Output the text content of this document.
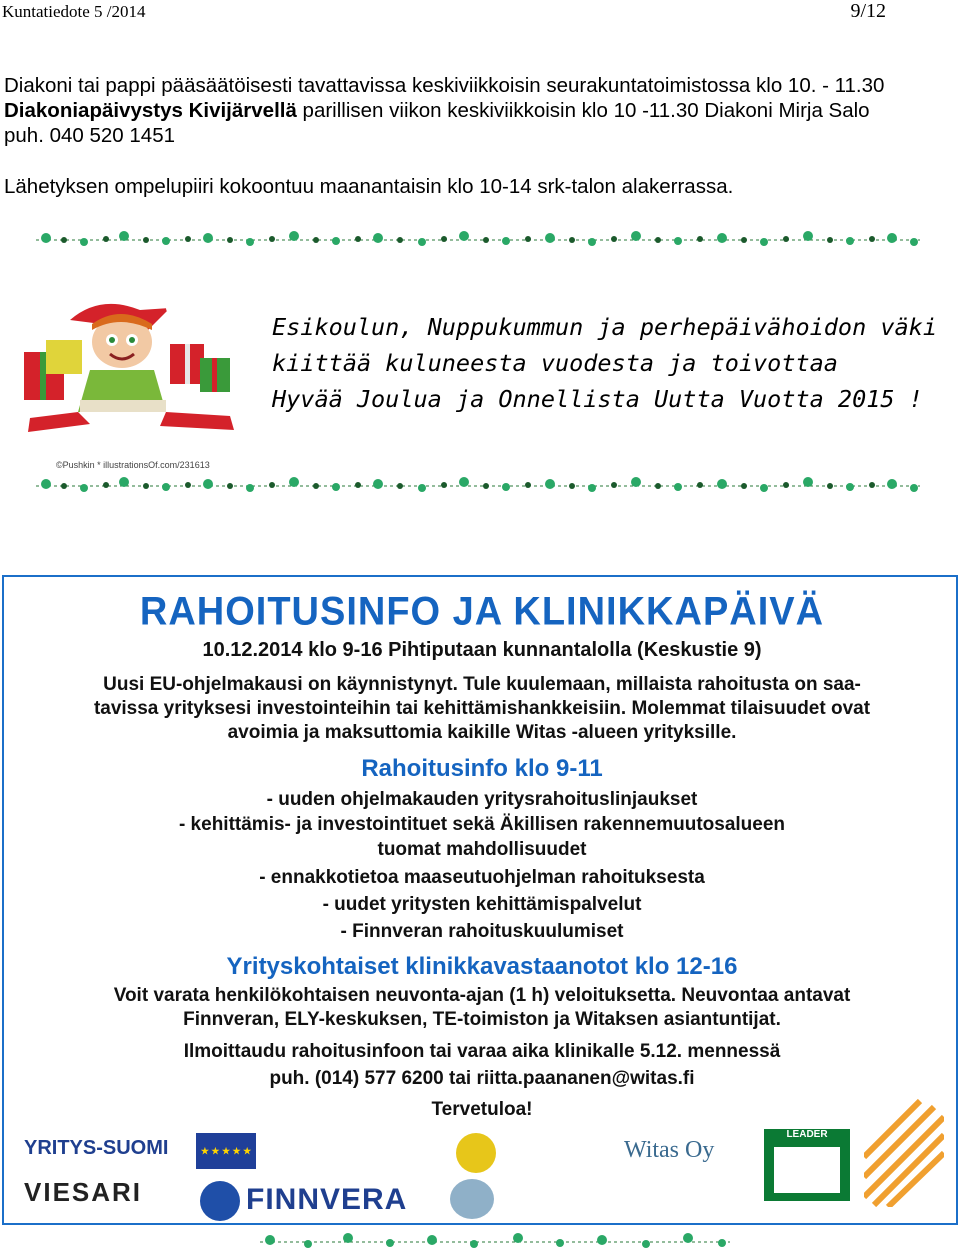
Kuntatiedote 5 /2014	9/12
Diakoni tai pappi pääsäätöisesti tavattavissa keskiviikkoisin seurakuntatoimistossa klo 10. - 11.30
Diakoniapäivystys Kivijärvellä parillisen viikon keskiviikkoisin klo 10 -11.30 Diakoni Mirja Salo
puh. 040 520 1451
Lähetyksen ompelupiiri kokoontuu maanantaisin klo 10-14 srk-talon alakerrassa.
©Pushkin * illustrationsOf.com/231613
Esikoulun, Nuppukummun ja perhepäivähoidon väki
kiittää kuluneesta vuodesta ja toivottaa
Hyvää Joulua ja Onnellista Uutta Vuotta 2015 !
RAHOITUSINFO JA KLINIKKAPÄIVÄ
10.12.2014 klo 9-16 Pihtiputaan kunnantalolla (Keskustie 9)
Uusi EU-ohjelmakausi on käynnistynyt. Tule kuulemaan, millaista rahoitusta on saa-
tavissa yrityksesi investointeihin tai kehittämishankkeisiin. Molemmat tilaisuudet ovat
avoimia ja maksuttomia kaikille Witas -alueen yrityksille.
Rahoitusinfo klo 9-11
- uuden ohjelmakauden yritysrahoituslinjaukset
- kehittämis- ja investointituet sekä Äkillisen rakennemuutosalueen
tuomat mahdollisuudet
- ennakkotietoa maaseutuohjelman rahoituksesta
- uudet yritysten kehittämispalvelut
- Finnveran rahoituskuulumiset
Yrityskohtaiset klinikkavastaanotot klo 12-16
Voit varata henkilökohtaisen neuvonta-ajan (1 h) veloituksetta. Neuvontaa antavat
Finnveran, ELY-keskuksen, TE-toimiston ja Witaksen asiantuntijat.
Ilmoittaudu rahoitusinfoon tai varaa aika klinikalle 5.12. mennessä
puh. (014) 577 6200 tai riitta.paananen@witas.fi
Tervetuloa!
YRITYS-SUOMI
VIESARI
★ ★ ★ ★ ★
FINNVERA
Witas Oy
LEADER
